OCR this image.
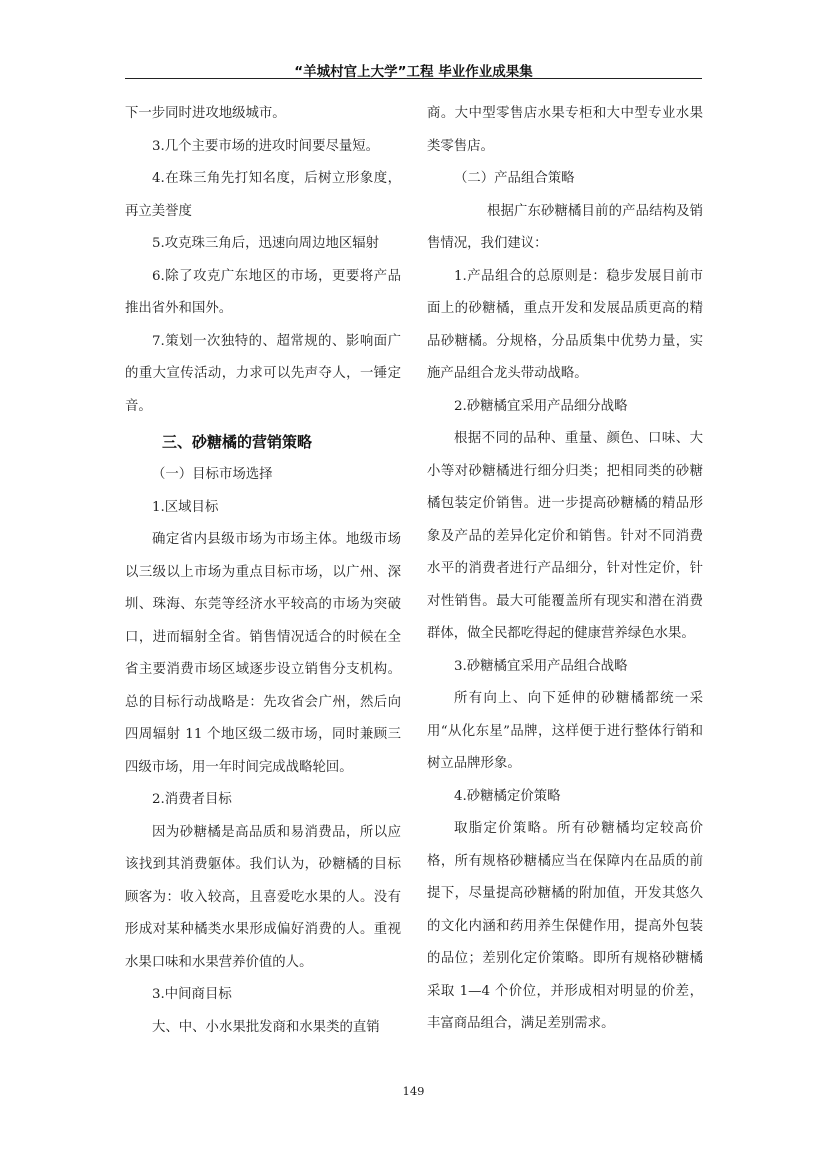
“羊城村官上大学”工程 毕业作业成果集

下一步同时进攻地级城市。

3.几个主要市场的进攻时间要尽量短。

4.在珠三角先打知名度，后树立形象度，再立美誉度

5.攻克珠三角后，迅速向周边地区辐射

6.除了攻克广东地区的市场，更要将产品推出省外和国外。

7.策划一次独特的、超常规的、影响面广的重大宣传活动，力求可以先声夺人，一锤定音。

三、砂糖橘的营销策略

（一）目标市场选择

1.区域目标

确定省内县级市场为市场主体。地级市场以三级以上市场为重点目标市场，以广州、深圳、珠海、东莞等经济水平较高的市场为突破口，进而辐射全省。销售情况适合的时候在全省主要消费市场区域逐步设立销售分支机构。总的目标行动战略是：先攻省会广州，然后向四周辐射 11 个地区级二级市场，同时兼顾三四级市场，用一年时间完成战略轮回。

2.消费者目标

因为砂糖橘是高品质和易消费品，所以应该找到其消费躯体。我们认为，砂糖橘的目标顾客为：收入较高，且喜爱吃水果的人。没有形成对某种橘类水果形成偏好消费的人。重视水果口味和水果营养价值的人。

3.中间商目标

大、中、小水果批发商和水果类的直销

商。大中型零售店水果专柜和大中型专业水果类零售店。

（二）产品组合策略

根据广东砂糖橘目前的产品结构及销售情况，我们建议：

1.产品组合的总原则是：稳步发展目前市面上的砂糖橘，重点开发和发展品质更高的精品砂糖橘。分规格，分品质集中优势力量，实施产品组合龙头带动战略。

2.砂糖橘宜采用产品细分战略

根据不同的品种、重量、颜色、口味、大小等对砂糖橘进行细分归类；把相同类的砂糖橘包装定价销售。进一步提高砂糖橘的精品形象及产品的差异化定价和销售。针对不同消费水平的消费者进行产品细分，针对性定价，针对性销售。最大可能覆盖所有现实和潜在消费群体，做全民都吃得起的健康营养绿色水果。

3.砂糖橘宜采用产品组合战略

所有向上、向下延伸的砂糖橘都统一采用“从化东星”品牌，这样便于进行整体行销和树立品牌形象。

4.砂糖橘定价策略

取脂定价策略。所有砂糖橘均定较高价格，所有规格砂糖橘应当在保障内在品质的前提下，尽量提高砂糖橘的附加值，开发其悠久的文化内涵和药用养生保健作用，提高外包装的品位；差别化定价策略。即所有规格砂糖橘采取 1—4 个价位，并形成相对明显的价差，丰富商品组合，满足差别需求。

149
